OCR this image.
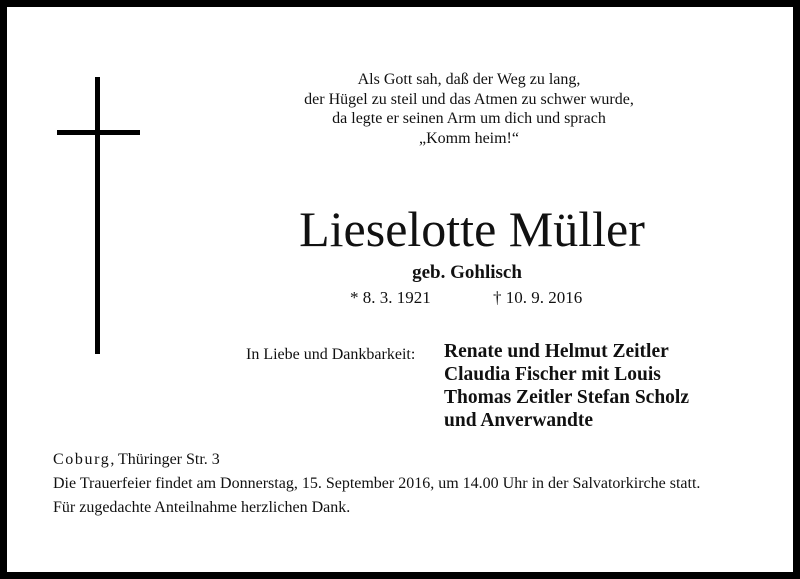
Als Gott sah, daß der Weg zu lang,
der Hügel zu steil und das Atmen zu schwer wurde,
da legte er seinen Arm um dich und sprach
„Komm heim!“
Lieselotte Müller
geb. Gohlisch
* 8. 3. 1921	† 10. 9. 2016
In Liebe und Dankbarkeit: Renate und Helmut Zeitler
Claudia Fischer mit Louis
Thomas Zeitler Stefan Scholz
und Anverwandte
Coburg, Thüringer Str. 3
Die Trauerfeier findet am Donnerstag, 15. September 2016, um 14.00 Uhr in der Salvatorkirche statt.
Für zugedachte Anteilnahme herzlichen Dank.
